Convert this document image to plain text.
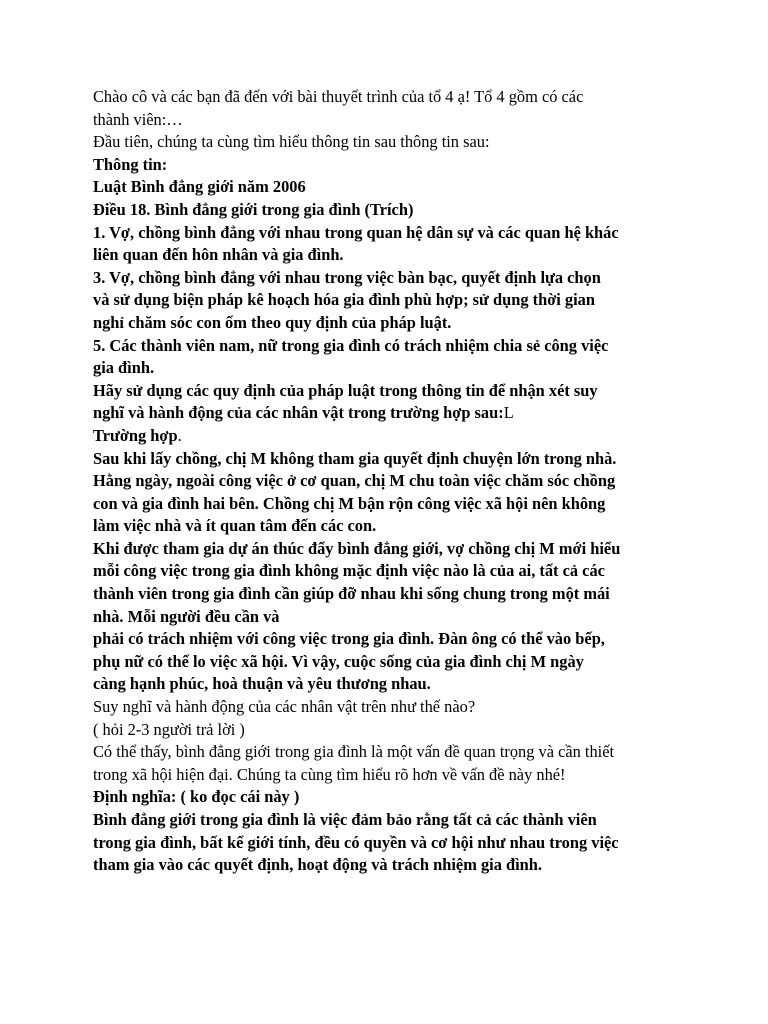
Chào cô và các bạn đã đến với bài thuyết trình của tổ 4 ạ! Tổ 4 gồm có các
thành viên:…
Đầu tiên, chúng ta cùng tìm hiểu thông tin sau thông tin sau:
Thông tin:
Luật Bình đẳng giới năm 2006
Điều 18. Bình đẳng giới trong gia đình (Trích)
1. Vợ, chồng bình đẳng với nhau trong quan hệ dân sự và các quan hệ khác
liên quan đến hôn nhân và gia đình.
3. Vợ, chồng bình đẳng với nhau trong việc bàn bạc, quyết định lựa chọn
và sử dụng biện pháp kê hoạch hóa gia đình phù hợp; sử dụng thời gian
nghỉ chăm sóc con ốm theo quy định của pháp luật.
5. Các thành viên nam, nữ trong gia đình có trách nhiệm chia sẻ công việc
gia đình.
Hãy sử dụng các quy định của pháp luật trong thông tin để nhận xét suy
nghĩ và hành động của các nhân vật trong trường hợp sau:L
Trường hợp.
Sau khi lấy chồng, chị M không tham gia quyết định chuyện lớn trong nhà.
Hằng ngày, ngoài công việc ở cơ quan, chị M chu toàn việc chăm sóc chồng
con và gia đình hai bên. Chồng chị M bận rộn công việc xã hội nên không
làm việc nhà và ít quan tâm đến các con.
Khi được tham gia dự án thúc đẩy bình đẳng giới, vợ chồng chị M mới hiểu
mỗi công việc trong gia đình không mặc định việc nào là của ai, tất cả các
thành viên trong gia đình cần giúp đỡ nhau khi sống chung trong một mái
nhà. Mỗi người đều cần và
phải có trách nhiệm với công việc trong gia đình. Đàn ông có thể vào bếp,
phụ nữ có thể lo việc xã hội. Vì vậy, cuộc sống của gia đình chị M ngày
càng hạnh phúc, hoà thuận và yêu thương nhau.
Suy nghĩ và hành động của các nhân vật trên như thế nào?
( hỏi 2-3 người trả lời )
Có thể thấy, bình đẳng giới trong gia đình là một vấn đề quan trọng và cần thiết
trong xã hội hiện đại. Chúng ta cùng tìm hiểu rõ hơn về vấn đề này nhé!
Định nghĩa: ( ko đọc cái này )
Bình đẳng giới trong gia đình là việc đảm bảo rằng tất cả các thành viên
trong gia đình, bất kể giới tính, đều có quyền và cơ hội như nhau trong việc
tham gia vào các quyết định, hoạt động và trách nhiệm gia đình.
